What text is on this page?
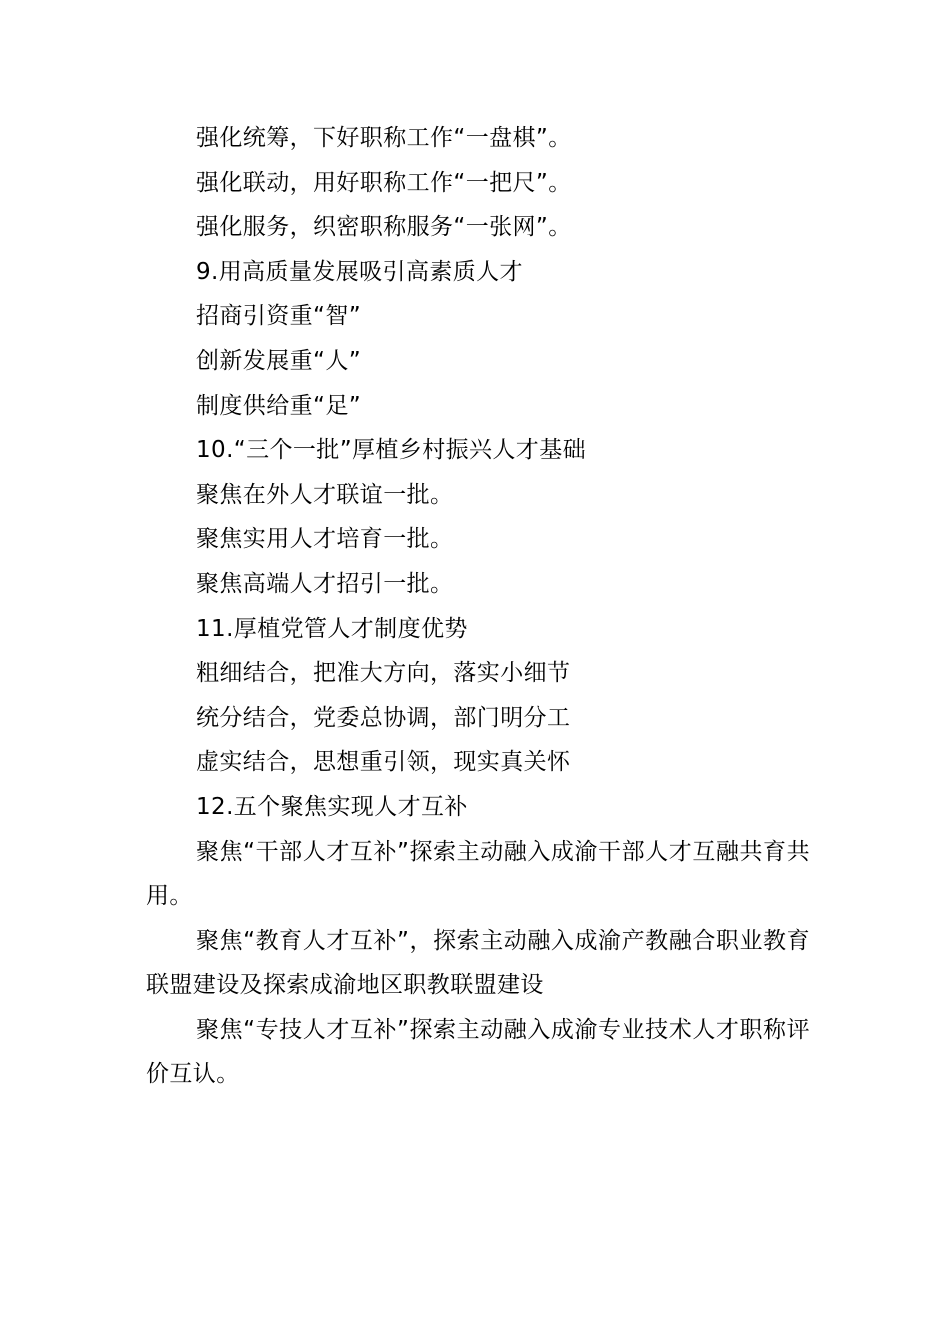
强化统筹，下好职称工作“一盘棋”。

强化联动，用好职称工作“一把尺”。

强化服务，织密职称服务“一张网”。

9.用高质量发展吸引高素质人才

招商引资重“智”

创新发展重“人”

制度供给重“足”

10.“三个一批”厚植乡村振兴人才基础

聚焦在外人才联谊一批。

聚焦实用人才培育一批。

聚焦高端人才招引一批。

11.厚植党管人才制度优势

粗细结合，把准大方向，落实小细节

统分结合，党委总协调，部门明分工

虚实结合，思想重引领，现实真关怀

12.五个聚焦实现人才互补

聚焦“干部人才互补”探索主动融入成渝干部人才互融共育共用。

聚焦“教育人才互补”，探索主动融入成渝产教融合职业教育联盟建设及探索成渝地区职教联盟建设

聚焦“专技人才互补”探索主动融入成渝专业技术人才职称评价互认。
